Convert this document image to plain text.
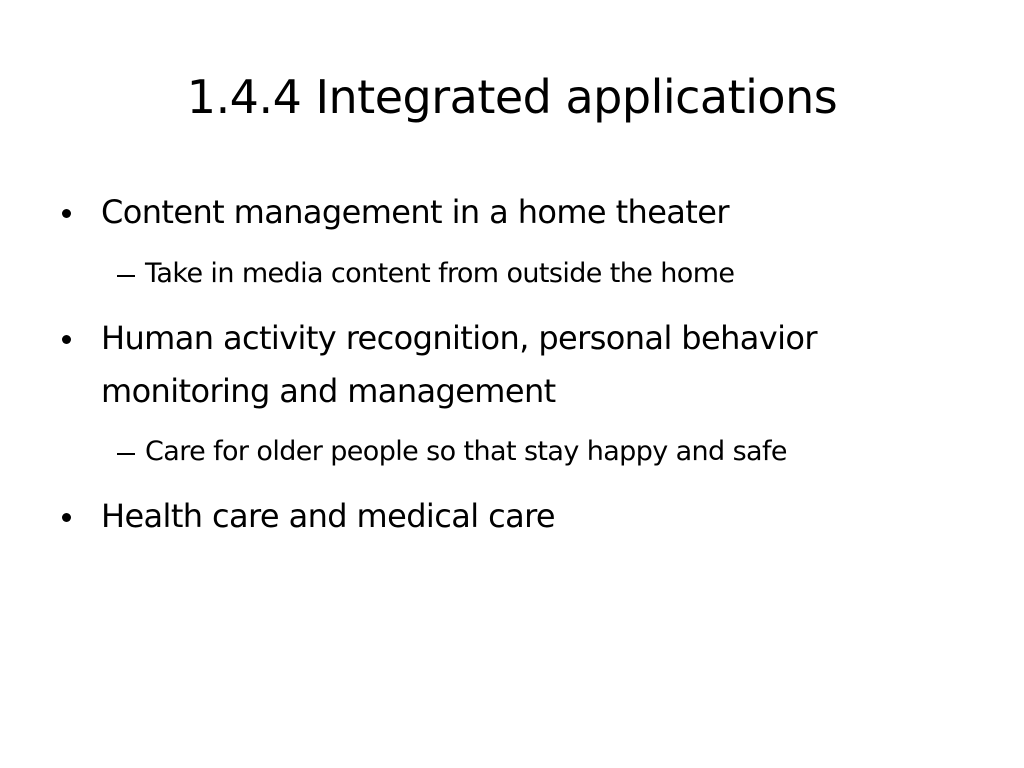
1.4.4 Integrated applications
Content management in a home theater
Take in media content from outside the home
Human activity recognition, personal behavior
monitoring and management
Care for older people so that stay happy and safe
Health care and medical care
